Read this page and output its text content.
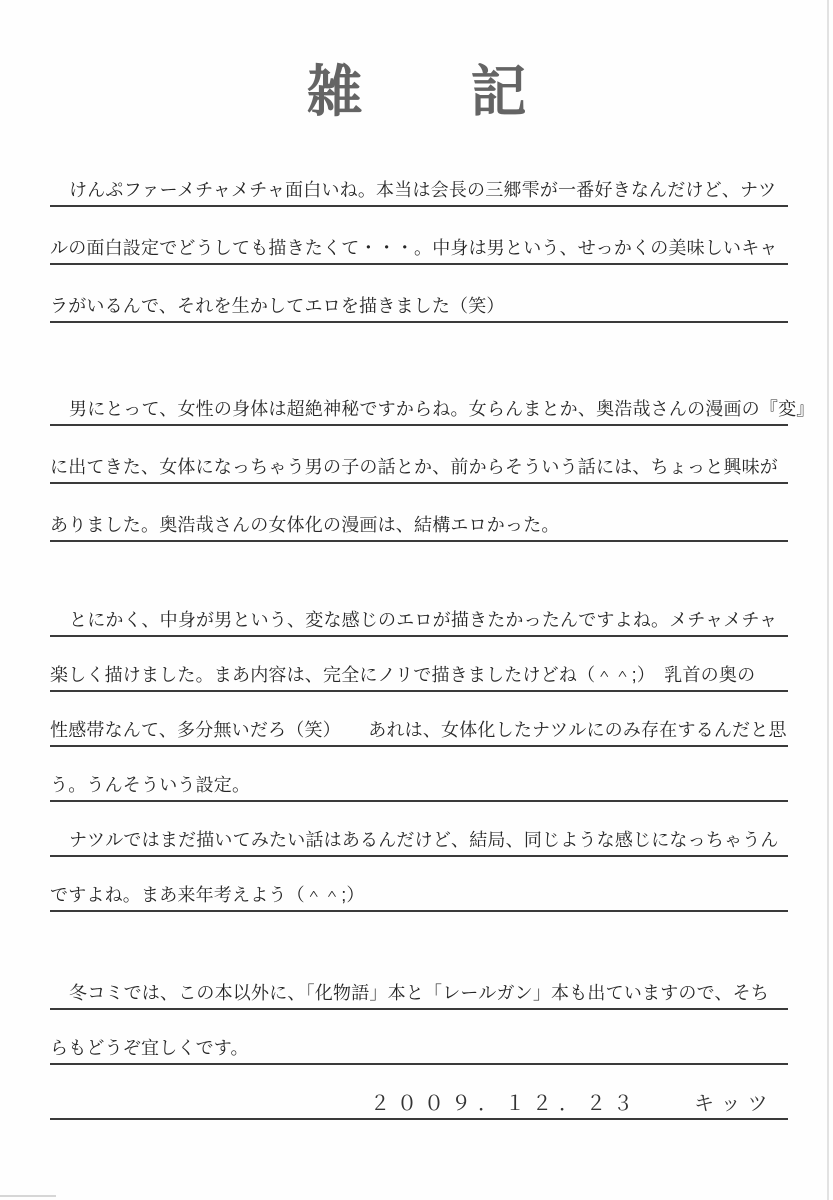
雑　記
けんぷファーメチャメチャ面白いね。本当は会長の三郷雫が一番好きなんだけど、ナツ
ルの面白設定でどうしても描きたくて・・・。中身は男という、せっかくの美味しいキャ
ラがいるんで、それを生かしてエロを描きました（笑）
男にとって、女性の身体は超絶神秘ですからね。女らんまとか、奥浩哉さんの漫画の『変』
に出てきた、女体になっちゃう男の子の話とか、前からそういう話には、ちょっと興味が
ありました。奥浩哉さんの女体化の漫画は、結構エロかった。
とにかく、中身が男という、変な感じのエロが描きたかったんですよね。メチャメチャ
楽しく描けました。まあ内容は、完全にノリで描きましたけどね（＾＾;）　乳首の奥の
性感帯なんて、多分無いだろ（笑）　　あれは、女体化したナツルにのみ存在するんだと思
う。うんそういう設定。
ナツルではまだ描いてみたい話はあるんだけど、結局、同じような感じになっちゃうん
ですよね。まあ来年考えよう（＾＾;）
冬コミでは、この本以外に、「化物語」本と「レールガン」本も出ていますので、そち
らもどうぞ宜しくです。
２００９．１２．２３　　キッツ
